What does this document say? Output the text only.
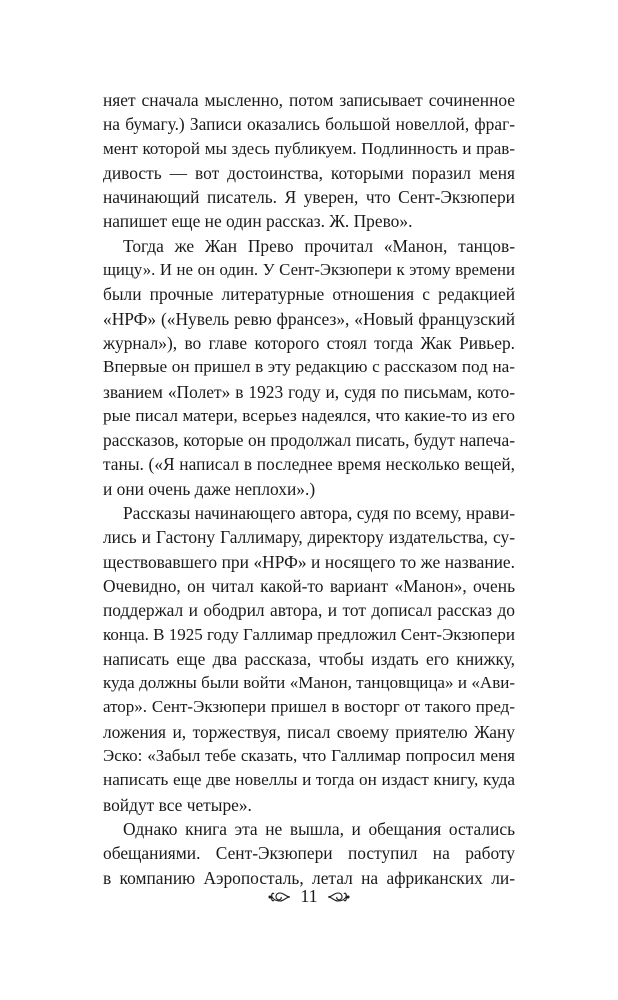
няет сначала мысленно, потом записывает сочиненное
на бумагу.) Записи оказались большой новеллой, фраг-
мент которой мы здесь публикуем. Подлинность и прав-
дивость — вот достоинства, которыми поразил меня
начинающий писатель. Я уверен, что Сент-Экзюпери
напишет еще не один рассказ. Ж. Прево».
Тогда же Жан Прево прочитал «Манон, танцов-
щицу». И не он один. У Сент-Экзюпери к этому времени
были прочные литературные отношения с редакцией
«НРФ» («Нувель ревю франсез», «Новый французский
журнал»), во главе которого стоял тогда Жак Ривьер.
Впервые он пришел в эту редакцию с рассказом под на-
званием «Полет» в 1923 году и, судя по письмам, кото-
рые писал матери, всерьез надеялся, что какие-то из его
рассказов, которые он продолжал писать, будут напеча-
таны. («Я написал в последнее время несколько вещей,
и они очень даже неплохи».)
Рассказы начинающего автора, судя по всему, нрави-
лись и Гастону Галлимару, директору издательства, су-
ществовавшего при «НРФ» и носящего то же название.
Очевидно, он читал какой-то вариант «Манон», очень
поддержал и ободрил автора, и тот дописал рассказ до
конца. В 1925 году Галлимар предложил Сент-Экзюпери
написать еще два рассказа, чтобы издать его книжку,
куда должны были войти «Манон, танцовщица» и «Ави-
атор». Сент-Экзюпери пришел в восторг от такого пред-
ложения и, торжествуя, писал своему приятелю Жану
Эско: «Забыл тебе сказать, что Галлимар попросил меня
написать еще две новеллы и тогда он издаст книгу, куда
войдут все четыре».
Однако книга эта не вышла, и обещания остались
обещаниями. Сент-Экзюпери поступил на работу
в компанию Аэропосталь, летал на африканских ли-
11
